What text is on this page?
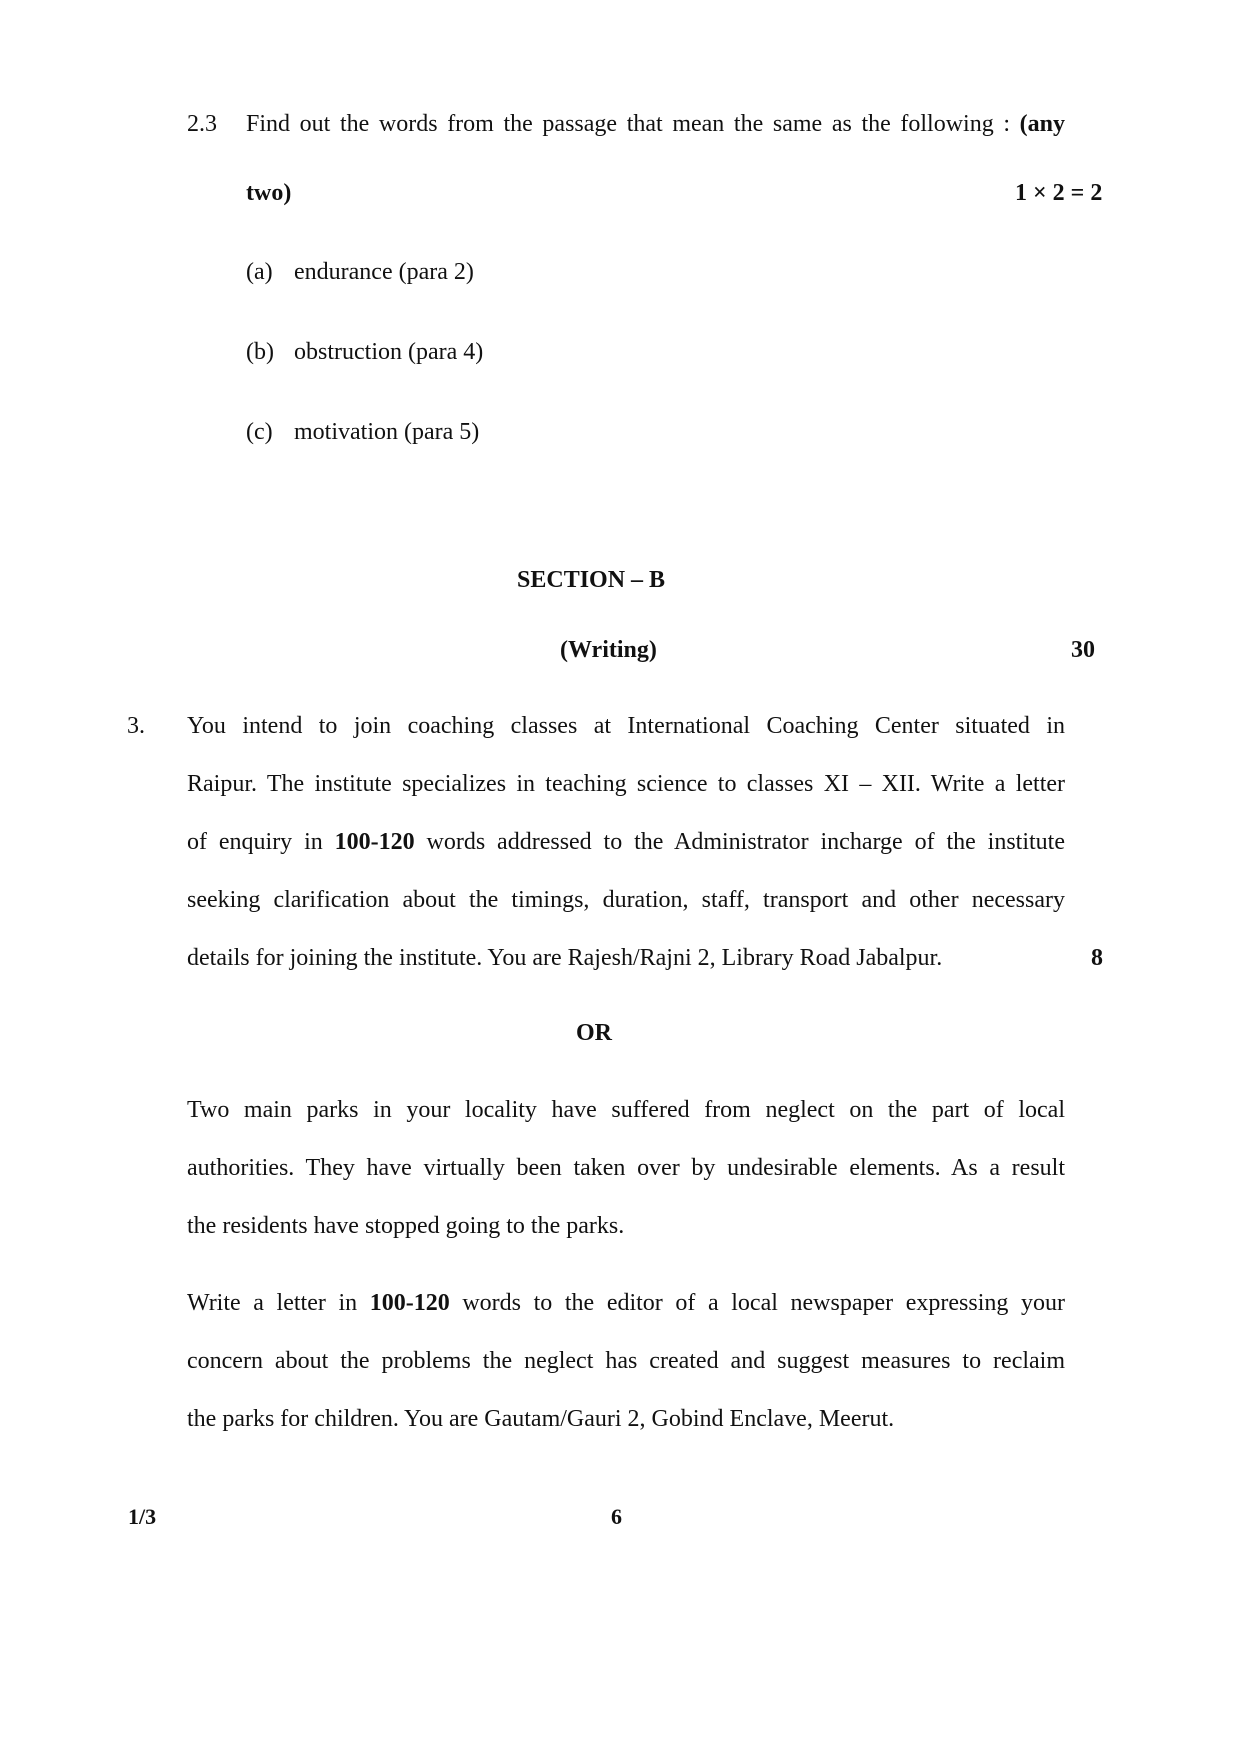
2.3 Find out the words from the passage that mean the same as the following : (any
two)	1 × 2 = 2
(a) endurance (para 2)
(b) obstruction (para 4)
(c) motivation (para 5)
SECTION – B
(Writing)	30
3. You intend to join coaching classes at International Coaching Center situated in
Raipur. The institute specializes in teaching science to classes XI – XII. Write a letter
of enquiry in 100-120 words addressed to the Administrator incharge of the institute
seeking clarification about the timings, duration, staff, transport and other necessary
details for joining the institute. You are Rajesh/Rajni 2, Library Road Jabalpur.	8
OR
Two main parks in your locality have suffered from neglect on the part of local
authorities. They have virtually been taken over by undesirable elements. As a result
the residents have stopped going to the parks.
Write a letter in 100-120 words to the editor of a local newspaper expressing your
concern about the problems the neglect has created and suggest measures to reclaim
the parks for children. You are Gautam/Gauri 2, Gobind Enclave, Meerut.
1/3	6
